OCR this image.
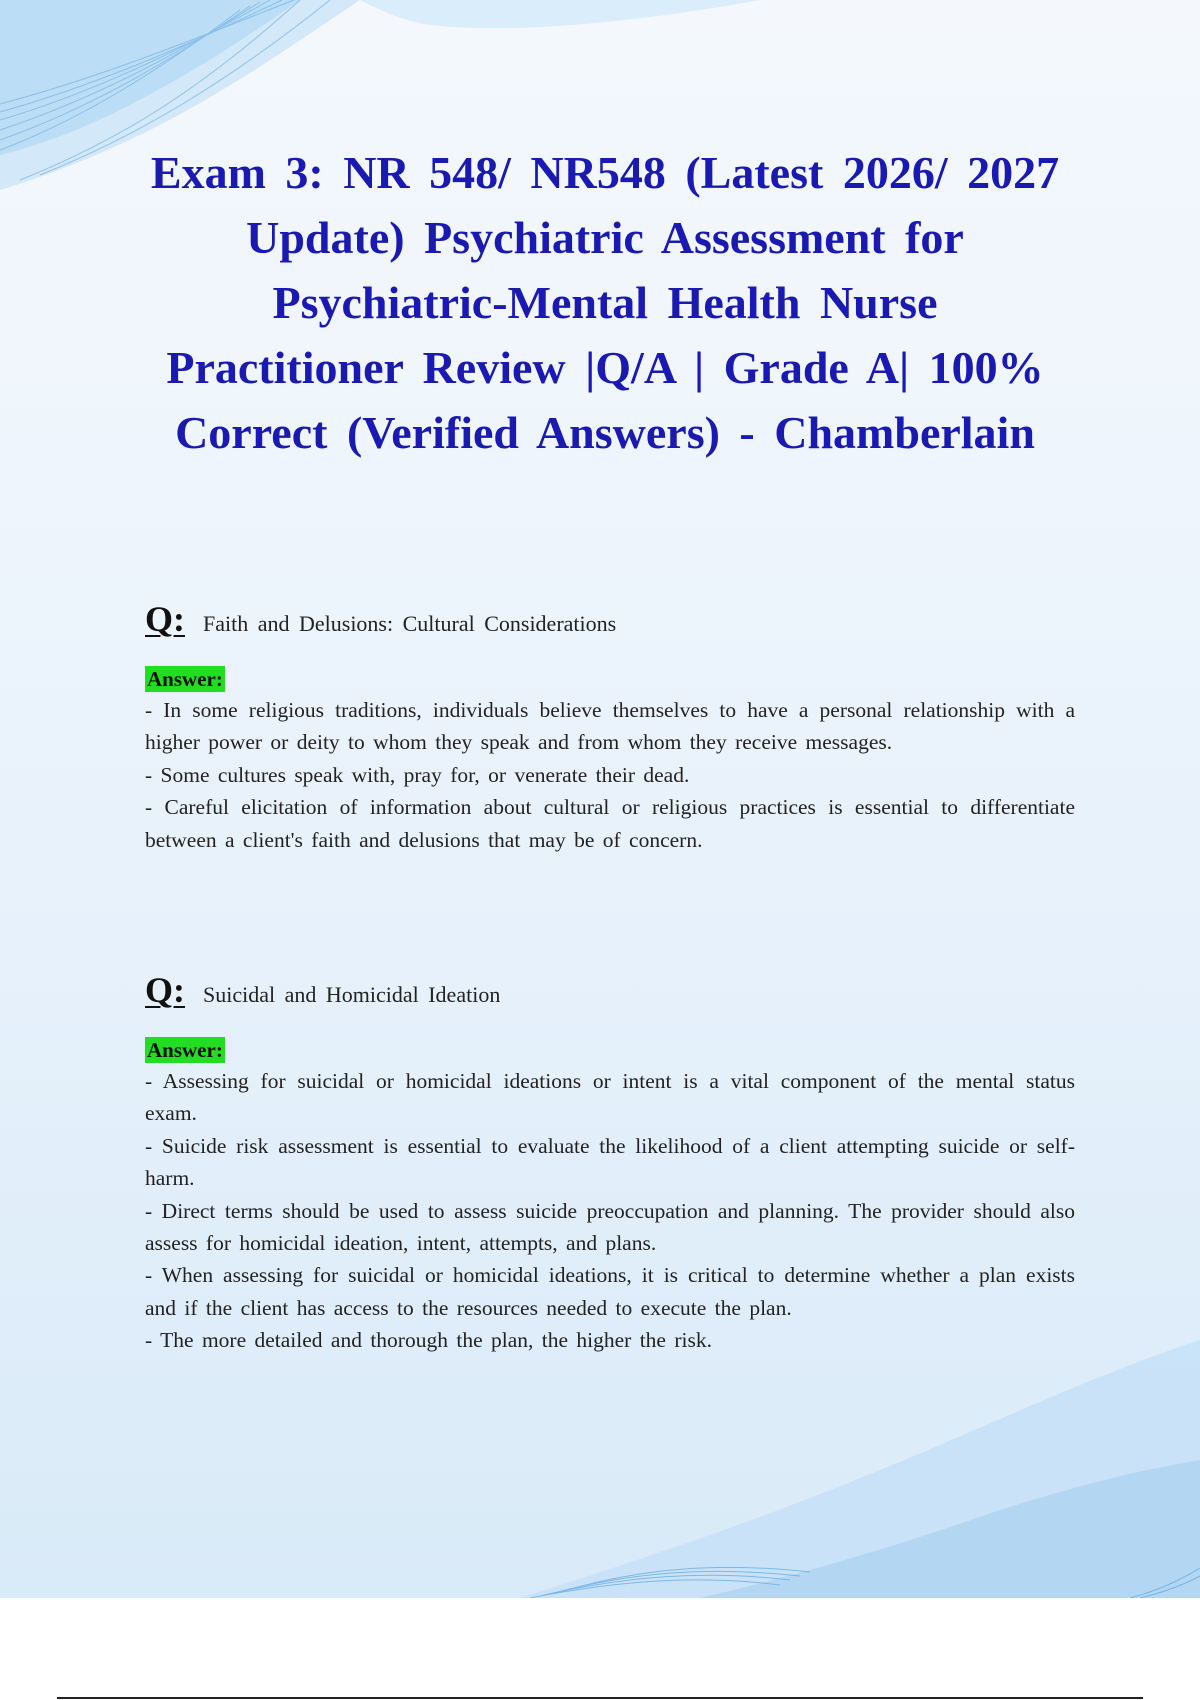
Exam 3: NR 548/ NR548 (Latest 2026/ 2027 Update) Psychiatric Assessment for Psychiatric-Mental Health Nurse Practitioner Review |Q/A | Grade A| 100% Correct (Verified Answers) - Chamberlain
Q: Faith and Delusions: Cultural Considerations
Answer:
- In some religious traditions, individuals believe themselves to have a personal relationship with a higher power or deity to whom they speak and from whom they receive messages.
- Some cultures speak with, pray for, or venerate their dead.
- Careful elicitation of information about cultural or religious practices is essential to differentiate between a client's faith and delusions that may be of concern.
Q: Suicidal and Homicidal Ideation
Answer:
- Assessing for suicidal or homicidal ideations or intent is a vital component of the mental status exam.
- Suicide risk assessment is essential to evaluate the likelihood of a client attempting suicide or self-harm.
- Direct terms should be used to assess suicide preoccupation and planning. The provider should also assess for homicidal ideation, intent, attempts, and plans.
- When assessing for suicidal or homicidal ideations, it is critical to determine whether a plan exists and if the client has access to the resources needed to execute the plan.
- The more detailed and thorough the plan, the higher the risk.
